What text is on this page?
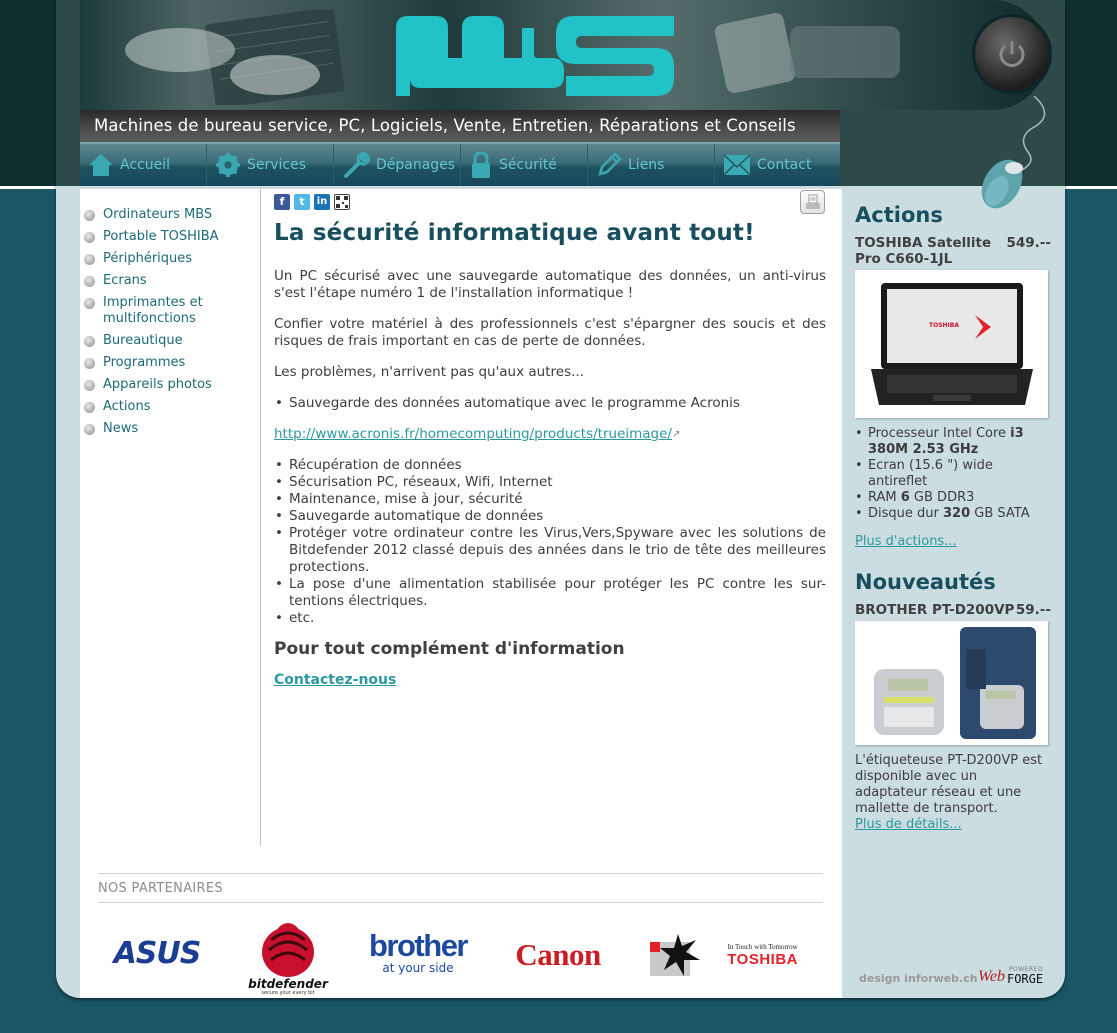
Machines de bureau service, PC, Logiciels, Vente, Entretien, Réparations et Conseils
Accueil	Services	Dépanages	Sécurité	Liens	Contact
Ordinateurs MBS
Portable TOSHIBA
Périphériques
Ecrans
Imprimantes et multifonctions
Bureautique
Programmes
Appareils photos
Actions
News
f	t	in
La sécurité informatique avant tout!

Un PC sécurisé avec une sauvegarde automatique des données, un anti-virus s'est l'étape numéro 1 de l'installation informatique !

Confier votre matériel à des professionnels c'est s'épargner des soucis et des risques de frais important en cas de perte de données.

Les problèmes, n'arrivent pas qu'aux autres...

• Sauvegarde des données automatique avec le programme Acronis

http://www.acronis.fr/homecomputing/products/trueimage/↗

• Récupération de données
• Sécurisation PC, réseaux, Wifi, Internet
• Maintenance, mise à jour, sécurité
• Sauvegarde automatique de données
• Protéger votre ordinateur contre les Virus,Vers,Spyware avec les solutions de Bitdefender 2012 classé depuis des années dans le trio de tête des meilleures protections.
• La pose d'une alimentation stabilisée pour protéger les PC contre les sur-tentions électriques.
• etc.
Pour tout complément d'information
Contactez-nous
NOS PARTENAIRES
ASUS
bitdefender
secure your every bit
brother
at your side Canon	In Touch with Tomorrow
TOSHIBA
Actions
TOSHIBA Satellite
Pro C660-1JL
549.--
TOSHIBA
• Processeur Intel Core i3 380M 2.53 GHz
• Ecran (15.6 ") wide antireflet
• RAM 6 GB DDR3
• Disque dur 320 GB SATA
Plus d'actions...
Nouveautés
BROTHER PT-D200VP 59.--

L'étiqueteuse PT-D200VP est disponible avec un adaptateur réseau et une mallette de transport.

Plus de détails...
design inforweb.ch Web POWERED
FORGE
